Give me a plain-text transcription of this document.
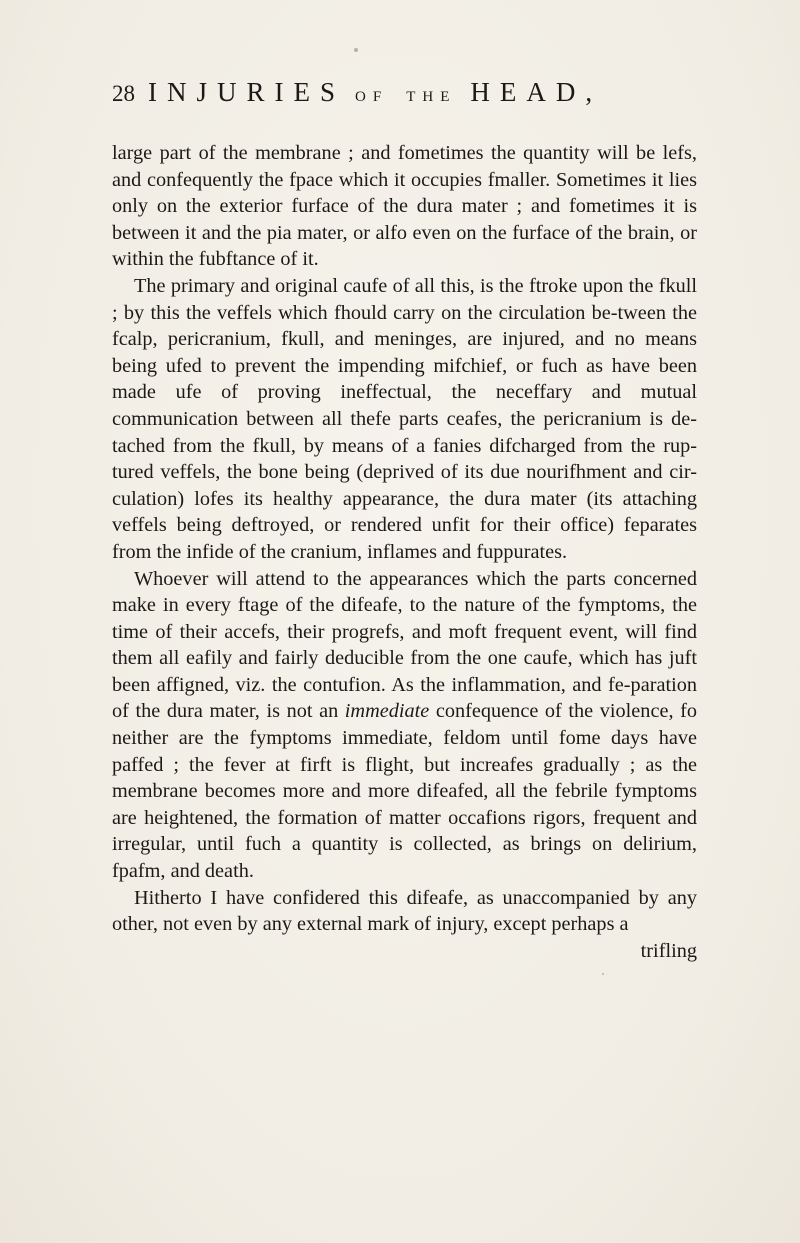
28 INJURIES OF THE HEAD,

large part of the membrane ; and fometimes the quantity will be lefs, and confequently the fpace which it occupies fmaller. Sometimes it lies only on the exterior furface of the dura mater ; and fometimes it is between it and the pia mater, or alfo even on the furface of the brain, or within the fubftance of it.

The primary and original caufe of all this, is the ftroke upon the fkull ; by this the veffels which fhould carry on the circulation be-tween the fcalp, pericranium, fkull, and meninges, are injured, and no means being ufed to prevent the impending mifchief, or fuch as have been made ufe of proving ineffectual, the neceffary and mutual communication between all thefe parts ceafes, the pericranium is de-tached from the fkull, by means of a fanies difcharged from the rup-tured veffels, the bone being (deprived of its due nourifhment and cir-culation) lofes its healthy appearance, the dura mater (its attaching veffels being deftroyed, or rendered unfit for their office) feparates from the infide of the cranium, inflames and fuppurates.

Whoever will attend to the appearances which the parts concerned make in every ftage of the difeafe, to the nature of the fymptoms, the time of their accefs, their progrefs, and moft frequent event, will find them all eafily and fairly deducible from the one caufe, which has juft been affigned, viz. the contufion. As the inflammation, and fe-paration of the dura mater, is not an immediate confequence of the violence, fo neither are the fymptoms immediate, feldom until fome days have paffed ; the fever at firft is flight, but increafes gradually ; as the membrane becomes more and more difeafed, all the febrile fymptoms are heightened, the formation of matter occafions rigors, frequent and irregular, until fuch a quantity is collected, as brings on delirium, fpafm, and death.

Hitherto I have confidered this difeafe, as unaccompanied by any other, not even by any external mark of injury, except perhaps a

trifling
